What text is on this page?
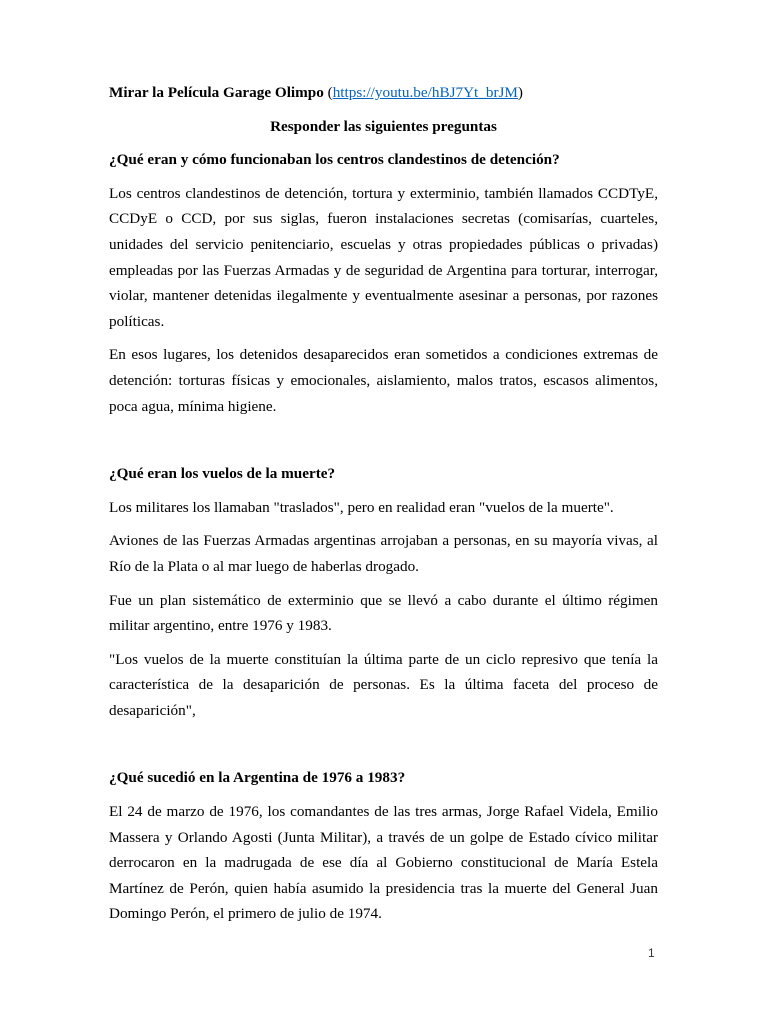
Mirar la Película Garage Olimpo (https://youtu.be/hBJ7Yt_brJM)

Responder las siguientes preguntas

¿Qué eran y cómo funcionaban los centros clandestinos de detención?

Los centros clandestinos de detención, tortura y exterminio, también llamados CCDTyE, CCDyE o CCD, por sus siglas, fueron instalaciones secretas (comisarías, cuarteles, unidades del servicio penitenciario, escuelas y otras propiedades públicas o privadas) empleadas por las Fuerzas Armadas y de seguridad de Argentina para torturar, interrogar, violar, mantener detenidas ilegalmente y eventualmente asesinar a personas, por razones políticas.

En esos lugares, los detenidos desaparecidos eran sometidos a condiciones extremas de detención: torturas físicas y emocionales, aislamiento, malos tratos, escasos alimentos, poca agua, mínima higiene.

¿Qué eran los vuelos de la muerte?

Los militares los llamaban "traslados", pero en realidad eran "vuelos de la muerte".

Aviones de las Fuerzas Armadas argentinas arrojaban a personas, en su mayoría vivas, al Río de la Plata o al mar luego de haberlas drogado.

Fue un plan sistemático de exterminio que se llevó a cabo durante el último régimen militar argentino, entre 1976 y 1983.

"Los vuelos de la muerte constituían la última parte de un ciclo represivo que tenía la característica de la desaparición de personas. Es la última faceta del proceso de desaparición",

¿Qué sucedió en la Argentina de 1976 a 1983?

El 24 de marzo de 1976, los comandantes de las tres armas, Jorge Rafael Videla, Emilio Massera y Orlando Agosti (Junta Militar), a través de un golpe de Estado cívico militar derrocaron en la madrugada de ese día al Gobierno constitucional de María Estela Martínez de Perón, quien había asumido la presidencia tras la muerte del General Juan Domingo Perón, el primero de julio de 1974.

1
